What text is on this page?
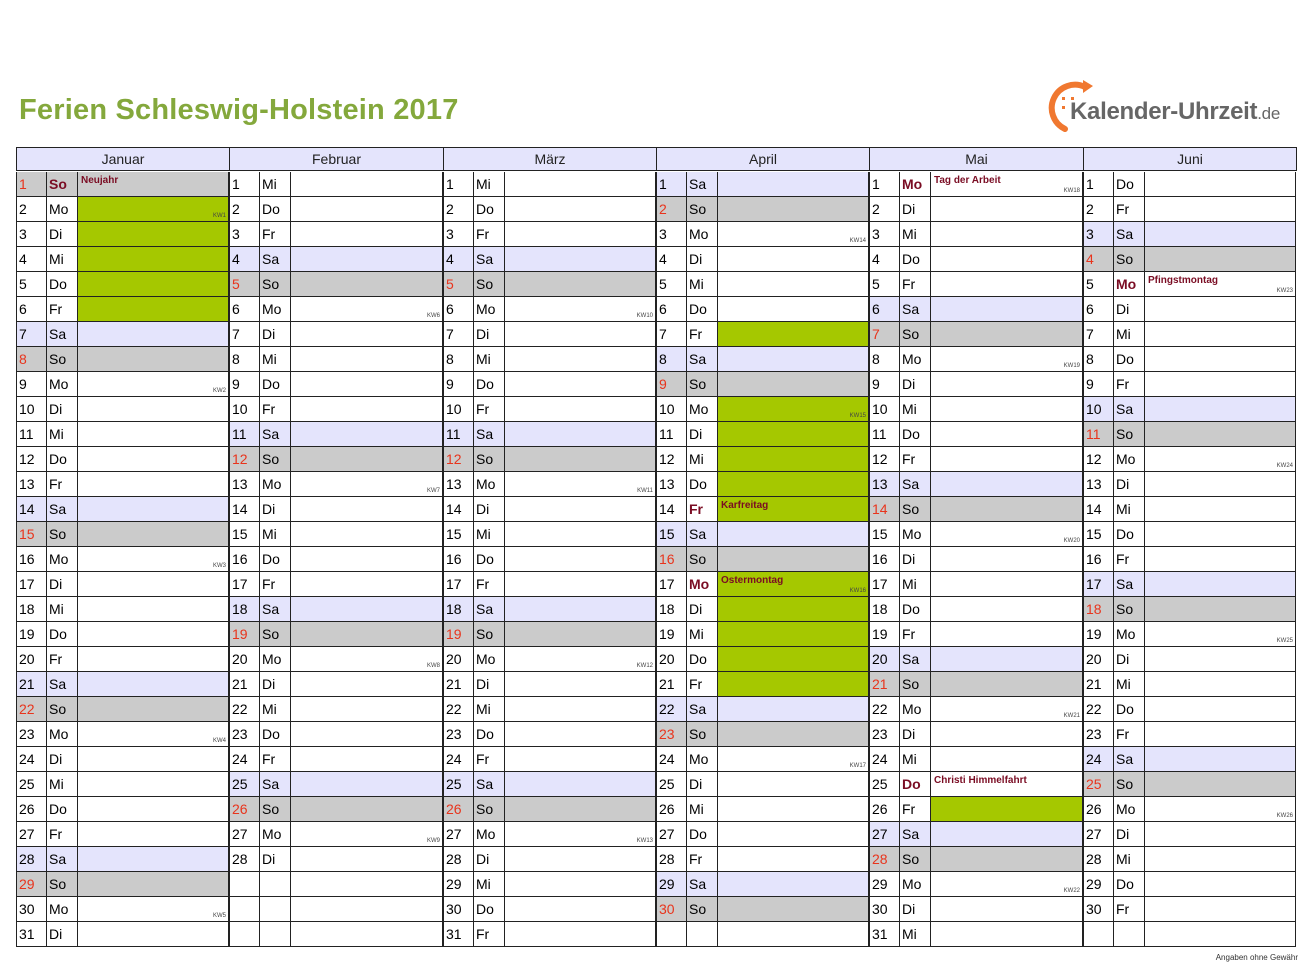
Ferien Schleswig-Holstein 2017	Kalender-Uhrzeit.de
Januar
1	So	Neujahr
2	Mo	KW1
3	Di
4	Mi
5	Do
6	Fr
7	Sa
8	So
9	Mo	KW2
10	Di
11	Mi
12	Do
13	Fr
14	Sa
15	So
16	Mo	KW3
17	Di
18	Mi
19	Do
20	Fr
21	Sa
22	So
23	Mo	KW4
24	Di
25	Mi
26	Do
27	Fr
28	Sa
29	So
30	Mo	KW5
31	Di
Februar
1	Mi
2	Do
3	Fr
4	Sa
5	So
6	Mo	KW6
7	Di
8	Mi
9	Do
10	Fr
11	Sa
12	So
13	Mo	KW7
14	Di
15	Mi
16	Do
17	Fr
18	Sa
19	So
20	Mo	KW8
21	Di
22	Mi
23	Do
24	Fr
25	Sa
26	So
27	Mo	KW9
28	Di
März
1	Mi
2	Do
3	Fr
4	Sa
5	So
6	Mo	KW10
7	Di
8	Mi
9	Do
10	Fr
11	Sa
12	So
13	Mo	KW11
14	Di
15	Mi
16	Do
17	Fr
18	Sa
19	So
20	Mo	KW12
21	Di
22	Mi
23	Do
24	Fr
25	Sa
26	So
27	Mo	KW13
28	Di
29	Mi
30	Do
31	Fr
April
1	Sa
2	So
3	Mo	KW14
4	Di
5	Mi
6	Do
7	Fr
8	Sa
9	So
10	Mo	KW15
11	Di
12	Mi
13	Do
14	Fr	Karfreitag
15	Sa
16	So
17	Mo	Ostermontag
KW16
18	Di
19	Mi
20	Do
21	Fr
22	Sa
23	So
24	Mo	KW17
25	Di
26	Mi
27	Do
28	Fr
29	Sa
30	So
Mai
1	Mo	Tag der Arbeit
KW18
2	Di
3	Mi
4	Do
5	Fr
6	Sa
7	So
8	Mo	KW19
9	Di
10	Mi
11	Do
12	Fr
13	Sa
14	So
15	Mo	KW20
16	Di
17	Mi
18	Do
19	Fr
20	Sa
21	So
22	Mo	KW21
23	Di
24	Mi
25	Do	Christi Himmelfahrt
26	Fr
27	Sa
28	So
29	Mo	KW22
30	Di
31	Mi
Juni
1	Do
2	Fr
3	Sa
4	So
5	Mo	Pfingstmontag
KW23
6	Di
7	Mi
8	Do
9	Fr
10	Sa
11	So
12	Mo	KW24
13	Di
14	Mi
15	Do
16	Fr
17	Sa
18	So
19	Mo	KW25
20	Di
21	Mi
22	Do
23	Fr
24	Sa
25	So
26	Mo	KW26
27	Di
28	Mi
29	Do
30	Fr
Angaben ohne Gewähr
